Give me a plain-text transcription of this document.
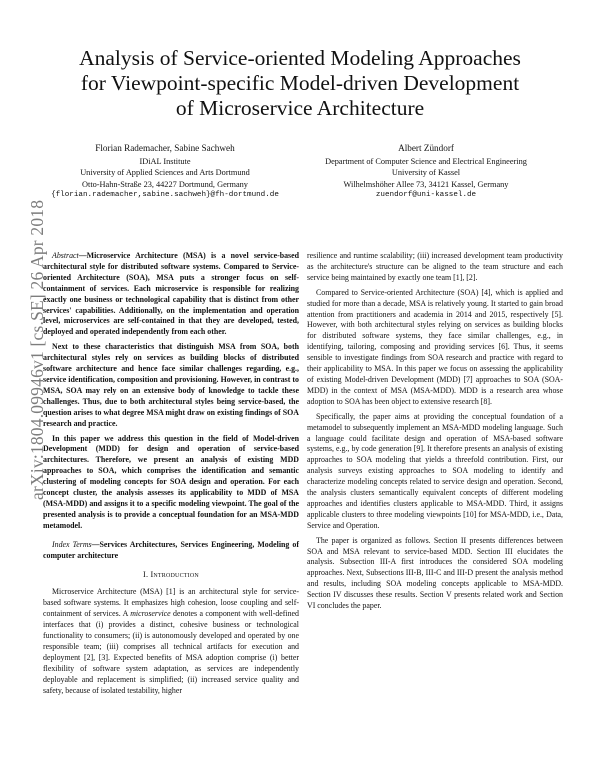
Analysis of Service-oriented Modeling Approaches
for Viewpoint-specific Model-driven Development
of Microservice Architecture
Florian Rademacher, Sabine Sachweh
IDiAL Institute
University of Applied Sciences and Arts Dortmund
Otto-Hahn-Straße 23, 44227 Dortmund, Germany
{florian.rademacher,sabine.sachweh}@fh-dortmund.de
Albert Zündorf
Department of Computer Science and Electrical Engineering
University of Kassel
Wilhelmshöher Allee 73, 34121 Kassel, Germany
zuendorf@uni-kassel.de
arXiv:1804.09946v1 [cs.SE] 26 Apr 2018 Abstract—Microservice Architecture (MSA) is a novel service-based architectural style for distributed software systems. Compared to Service-oriented Architecture (SOA), MSA puts a stronger focus on self-containment of services. Each microservice is responsible for realizing exactly one business or technological capability that is distinct from other services' capabilities. Additionally, on the implementation and operation level, microservices are self-contained in that they are developed, tested, deployed and operated independently from each other.

Next to these characteristics that distinguish MSA from SOA, both architectural styles rely on services as building blocks of distributed software architecture and hence face similar challenges regarding, e.g., service identification, composition and provisioning. However, in contrast to MSA, SOA may rely on an extensive body of knowledge to tackle these challenges. Thus, due to both architectural styles being service-based, the question arises to what degree MSA might draw on existing findings of SOA research and practice.

In this paper we address this question in the field of Model-driven Development (MDD) for design and operation of service-based architectures. Therefore, we present an analysis of existing MDD approaches to SOA, which comprises the identification and semantic clustering of modeling concepts for SOA design and operation. For each concept cluster, the analysis assesses its applicability to MDD of MSA (MSA-MDD) and assigns it to a specific modeling viewpoint. The goal of the presented analysis is to provide a conceptual foundation for an MSA-MDD metamodel.

Index Terms—Services Architectures, Services Engineering, Modeling of computer architecture

I. Introduction

Microservice Architecture (MSA) [1] is an architectural style for service-based software systems. It emphasizes high cohesion, loose coupling and self-containment of services. A microservice denotes a component with well-defined interfaces that (i) provides a distinct, cohesive business or technological functionality to consumers; (ii) is autonomously developed and operated by one responsible team; (iii) comprises all technical artifacts for execution and deployment [2], [3]. Expected benefits of MSA adoption comprise (i) better flexibility of software system adaptation, as services are independently deployable and replacement is simplified; (ii) increased service quality and safety, because of isolated testability, higher

resilience and runtime scalability; (iii) increased development team productivity as the architecture's structure can be aligned to the team structure and each service being maintained by exactly one team [1], [2].

Compared to Service-oriented Architecture (SOA) [4], which is applied and studied for more than a decade, MSA is relatively young. It started to gain broad attention from practitioners and academia in 2014 and 2015, respectively [5]. However, with both architectural styles relying on services as building blocks for distributed software systems, they face similar challenges, e.g., in identifying, tailoring, composing and providing services [6]. Thus, it seems sensible to investigate findings from SOA research and practice with regard to their applicability to MSA. In this paper we focus on assessing the applicability of existing Model-driven Development (MDD) [7] approaches to SOA (SOA-MDD) in the context of MSA (MSA-MDD). MDD is a research area whose adoption to SOA has been object to extensive research [8].

Specifically, the paper aims at providing the conceptual foundation of a metamodel to subsequently implement an MSA-MDD modeling language. Such a language could facilitate design and operation of MSA-based software systems, e.g., by code generation [9]. It therefore presents an analysis of existing approaches to SOA modeling that yields a threefold contribution. First, our analysis surveys existing approaches to SOA modeling to identify and characterize modeling concepts related to service design and operation. Second, the analysis clusters semantically equivalent concepts of different modeling approaches and identifies clusters applicable to MSA-MDD. Third, it assigns applicable clusters to three modeling viewpoints [10] for MSA-MDD, i.e., Data, Service and Operation.

The paper is organized as follows. Section II presents differences between SOA and MSA relevant to service-based MDD. Section III elucidates the analysis. Subsection III-A first introduces the considered SOA modeling approaches. Next, Subsections III-B, III-C and III-D present the analysis method and results, including SOA modeling concepts applicable to MSA-MDD. Section IV discusses these results. Section V presents related work and Section VI concludes the paper.
